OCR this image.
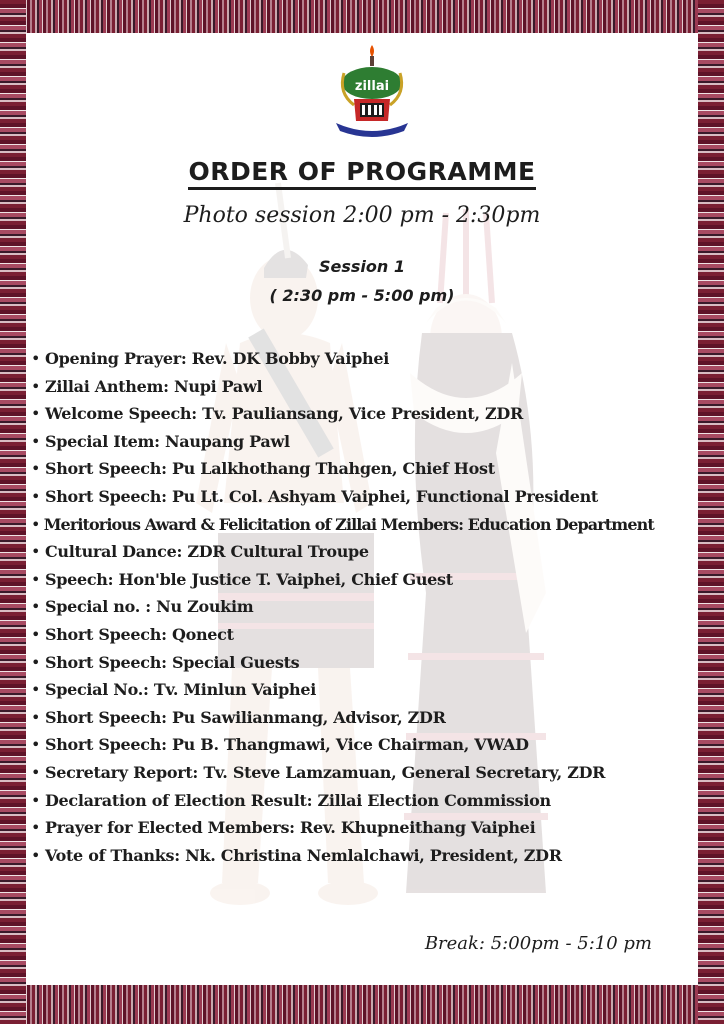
zillai
ORDER OF PROGRAMME
Photo session 2:00 pm - 2:30pm
Session 1
( 2:30 pm - 5:00 pm)
• Opening Prayer: Rev. DK Bobby Vaiphei
• Zillai Anthem: Nupi Pawl
• Welcome Speech: Tv. Pauliansang, Vice President, ZDR
• Special Item: Naupang Pawl
• Short Speech: Pu Lalkhothang Thahgen, Chief Host
• Short Speech: Pu Lt. Col. Ashyam Vaiphei, Functional President
• Meritorious Award & Felicitation of Zillai Members: Education Department
• Cultural Dance: ZDR Cultural Troupe
• Speech: Hon'ble Justice T. Vaiphei, Chief Guest
• Special no. : Nu Zoukim
• Short Speech: Qonect
• Short Speech: Special Guests
• Special No.: Tv. Minlun Vaiphei
• Short Speech: Pu Sawilianmang, Advisor, ZDR
• Short Speech: Pu B. Thangmawi, Vice Chairman, VWAD
• Secretary Report: Tv. Steve Lamzamuan, General Secretary, ZDR
• Declaration of Election Result: Zillai Election Commission
• Prayer for Elected Members: Rev. Khupneithang Vaiphei
• Vote of Thanks: Nk. Christina Nemlalchawi, President, ZDR
Break: 5:00pm - 5:10 pm
